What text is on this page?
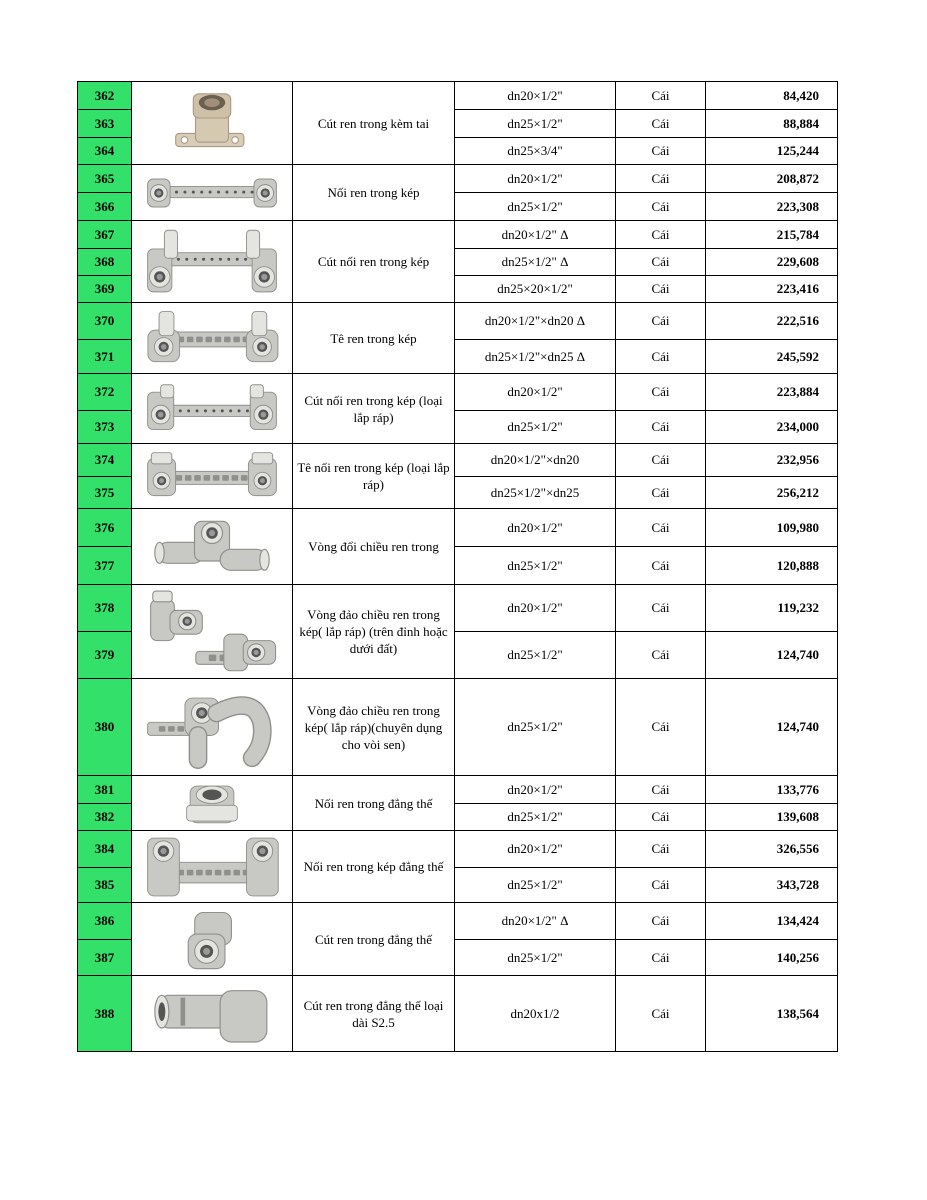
362		Cút ren trong kèm tai	dn20×1/2"	Cái	84,420
363			dn25×1/2"	Cái	88,884
364			dn25×3/4"	Cái	125,244
365		Nối ren trong kép	dn20×1/2"	Cái	208,872
366			dn25×1/2"	Cái	223,308
367		Cút nối ren trong kép	dn20×1/2" Δ	Cái	215,784
368			dn25×1/2" Δ	Cái	229,608
369			dn25×20×1/2"	Cái	223,416
370		Tê ren trong kép	dn20×1/2"×dn20 Δ	Cái	222,516
371			dn25×1/2"×dn25 Δ	Cái	245,592
372		Cút nối ren trong kép (loại lắp ráp)	dn20×1/2"	Cái	223,884
373			dn25×1/2"	Cái	234,000
374		Tê nối ren trong kép (loại lắp ráp)	dn20×1/2"×dn20	Cái	232,956
375			dn25×1/2"×dn25	Cái	256,212
376		Vòng đổi chiều ren trong	dn20×1/2"	Cái	109,980
377			dn25×1/2"	Cái	120,888
378		Vòng đảo chiều ren trong kép( lắp ráp) (trên đỉnh hoặc dưới đất)	dn20×1/2"	Cái	119,232
379			dn25×1/2"	Cái	124,740
380		Vòng đảo chiều ren trong kép( lắp ráp)(chuyên dụng cho vòi sen)	dn25×1/2"	Cái	124,740
381		Nối ren trong đẳng thế	dn20×1/2"	Cái	133,776
382			dn25×1/2"	Cái	139,608
384		Nối ren trong kép đẳng thế	dn20×1/2"	Cái	326,556
385			dn25×1/2"	Cái	343,728
386		Cút ren trong đẳng thế	dn20×1/2" Δ	Cái	134,424
387			dn25×1/2"	Cái	140,256
388		Cút ren trong đẳng thế loại dài S2.5	dn20x1/2	Cái	138,564
